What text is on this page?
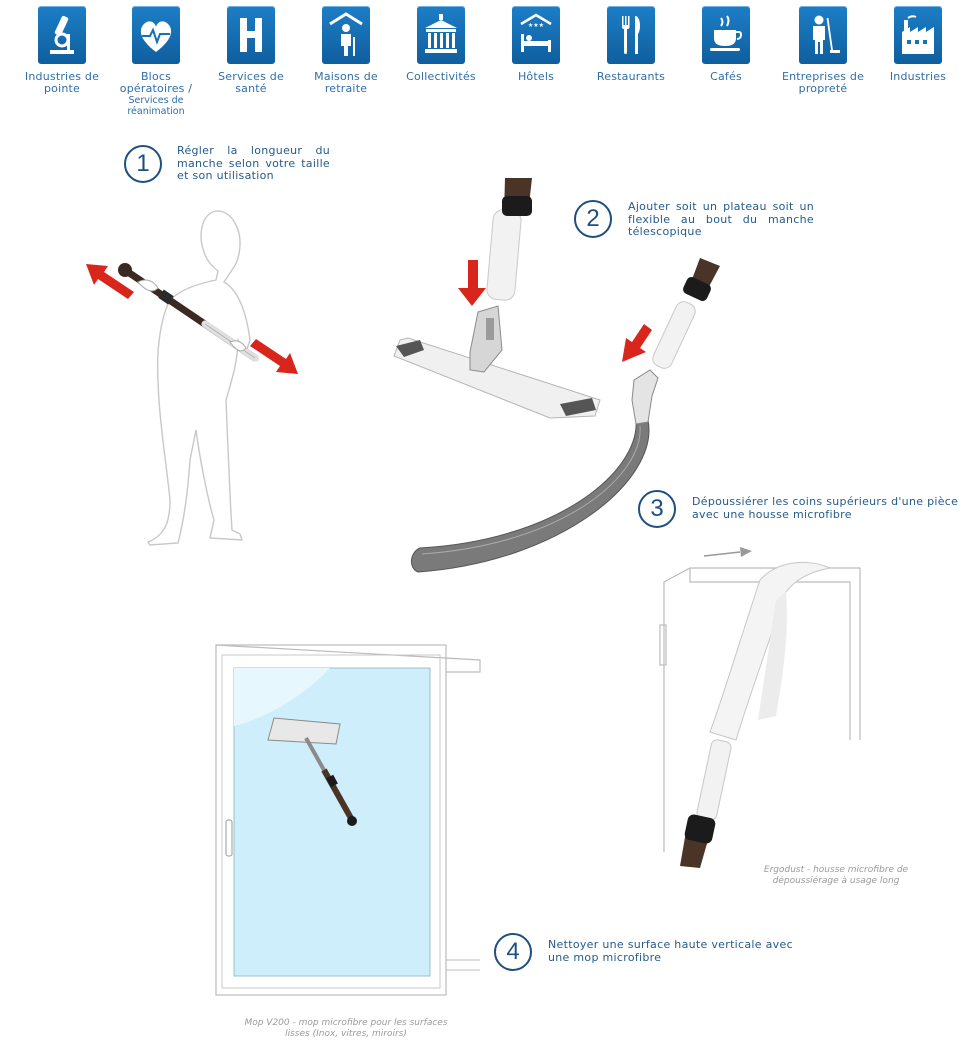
Industries de pointe
Blocs opératoires /
Services de réanimation
Services de santé
Maisons de retraite
Collectivités
★★★
Hôtels	Restaurants	Cafés	Entreprises de propreté
Industries
1	Régler la longueur du manche selon votre taille et son utilisation
2	Ajouter soit un plateau soit un flexible au bout du manche télescopique
3	Dépoussiérer les coins supérieurs d'une pièce avec une housse microfibre
4	Nettoyer une surface haute verticale avec une mop microfibre
Ergodust - housse microfibre de dépoussiérage à usage long
Mop V200 - mop microfibre pour les surfaces lisses (Inox, vitres, miroirs)
